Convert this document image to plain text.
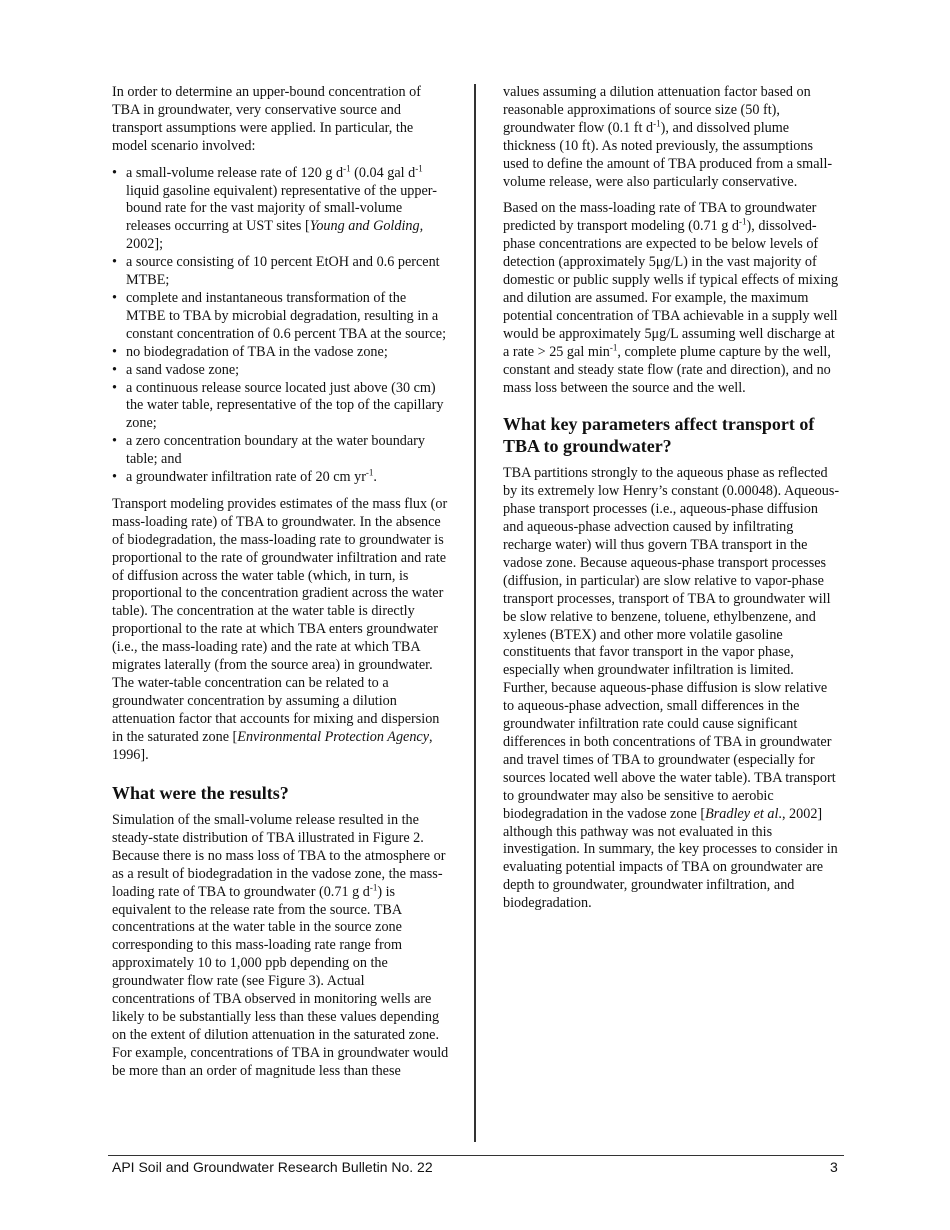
In order to determine an upper-bound concentration of TBA in groundwater, very conservative source and transport assumptions were applied. In particular, the model scenario involved:

• a small-volume release rate of 120 g $d^{-1}$ (0.04 gal $d^{-1}$ liquid gasoline equivalent) representative of the upper-bound rate for the vast majority of small-volume releases occurring at UST sites [Young and Golding, 2002];
• a source consisting of 10 percent EtOH and 0.6 percent MTBE;
• complete and instantaneous transformation of the MTBE to TBA by microbial degradation, resulting in a constant concentration of 0.6 percent TBA at the source;
• no biodegradation of TBA in the vadose zone;
• a sand vadose zone;
• a continuous release source located just above (30 cm) the water table, representative of the top of the capillary zone;
• a zero concentration boundary at the water boundary table; and
• a groundwater infiltration rate of 20 cm $yr^{-1}$.

Transport modeling provides estimates of the mass flux (or mass-loading rate) of TBA to groundwater. In the absence of biodegradation, the mass-loading rate to groundwater is proportional to the rate of groundwater infiltration and rate of diffusion across the water table (which, in turn, is proportional to the concentration gradient across the water table). The concentration at the water table is directly proportional to the rate at which TBA enters groundwater (i.e., the mass-loading rate) and the rate at which TBA migrates laterally (from the source area) in groundwater. The water-table concentration can be related to a groundwater concentration by assuming a dilution attenuation factor that accounts for mixing and dispersion in the saturated zone [Environmental Protection Agency, 1996].

What were the results?

Simulation of the small-volume release resulted in the steady-state distribution of TBA illustrated in Figure 2. Because there is no mass loss of TBA to the atmosphere or as a result of biodegradation in the vadose zone, the mass-loading rate of TBA to groundwater (0.71 g $d^{-1}$) is equivalent to the release rate from the source. TBA concentrations at the water table in the source zone corresponding to this mass-loading rate range from approximately 10 to 1,000 ppb depending on the groundwater flow rate (see Figure 3). Actual concentrations of TBA observed in monitoring wells are likely to be substantially less than these values depending on the extent of dilution attenuation in the saturated zone. For example, concentrations of TBA in groundwater would be more than an order of magnitude less than these

values assuming a dilution attenuation factor based on reasonable approximations of source size (50 ft), groundwater flow (0.1 ft $d^{-1}$), and dissolved plume thickness (10 ft). As noted previously, the assumptions used to define the amount of TBA produced from a small-volume release, were also particularly conservative.

Based on the mass-loading rate of TBA to groundwater predicted by transport modeling (0.71 g $d^{-1}$), dissolved-phase concentrations are expected to be below levels of detection (approximately 5μg/L) in the vast majority of domestic or public supply wells if typical effects of mixing and dilution are assumed. For example, the maximum potential concentration of TBA achievable in a supply well would be approximately 5μg/L assuming well discharge at a rate > 25 gal $\min^{-1}$, complete plume capture by the well, constant and steady state flow (rate and direction), and no mass loss between the source and the well.

What key parameters affect transport of TBA to groundwater?

TBA partitions strongly to the aqueous phase as reflected by its extremely low Henry’s constant (0.00048). Aqueous-phase transport processes (i.e., aqueous-phase diffusion and aqueous-phase advection caused by infiltrating recharge water) will thus govern TBA transport in the vadose zone. Because aqueous-phase transport processes (diffusion, in particular) are slow relative to vapor-phase transport processes, transport of TBA to groundwater will be slow relative to benzene, toluene, ethylbenzene, and xylenes (BTEX) and other more volatile gasoline constituents that favor transport in the vapor phase, especially when groundwater infiltration is limited. Further, because aqueous-phase diffusion is slow relative to aqueous-phase advection, small differences in the groundwater infiltration rate could cause significant differences in both concentrations of TBA in groundwater and travel times of TBA to groundwater (especially for sources located well above the water table). TBA transport to groundwater may also be sensitive to aerobic biodegradation in the vadose zone [Bradley et al., 2002] although this pathway was not evaluated in this investigation. In summary, the key processes to consider in evaluating potential impacts of TBA on groundwater are depth to groundwater, groundwater infiltration, and biodegradation.

API Soil and Groundwater Research Bulletin No. 22	3
